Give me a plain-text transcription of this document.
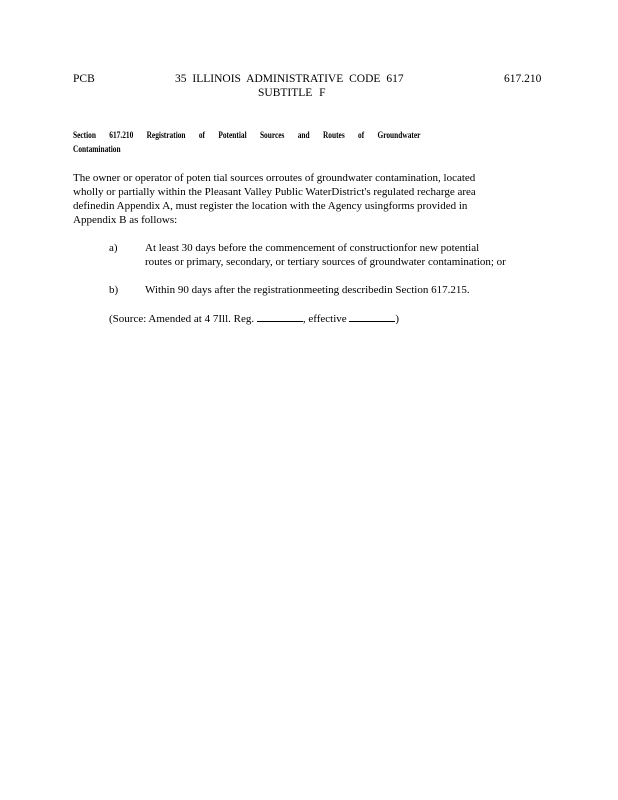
PCB	35 ILLINOIS ADMINISTRATIVE CODE 617
SUBTITLE F
617.210
Section 617.210 Registration of Potential Sources and Routes of Groundwater
Contamination
The owner or operator of poten tial sources orroutes of groundwater contamination, located
wholly or partially within the Pleasant Valley Public WaterDistrict's regulated recharge area
definedin Appendix A, must register the location with the Agency usingforms provided in
Appendix B as follows:
a) At least 30 days before the commencement of constructionfor new potential
routes or primary, secondary, or tertiary sources of groundwater contamination; or
b) Within 90 days after the registrationmeeting describedin Section 617.215.
(Source: Amended at 4 7Ill. Reg.	, effective	)
